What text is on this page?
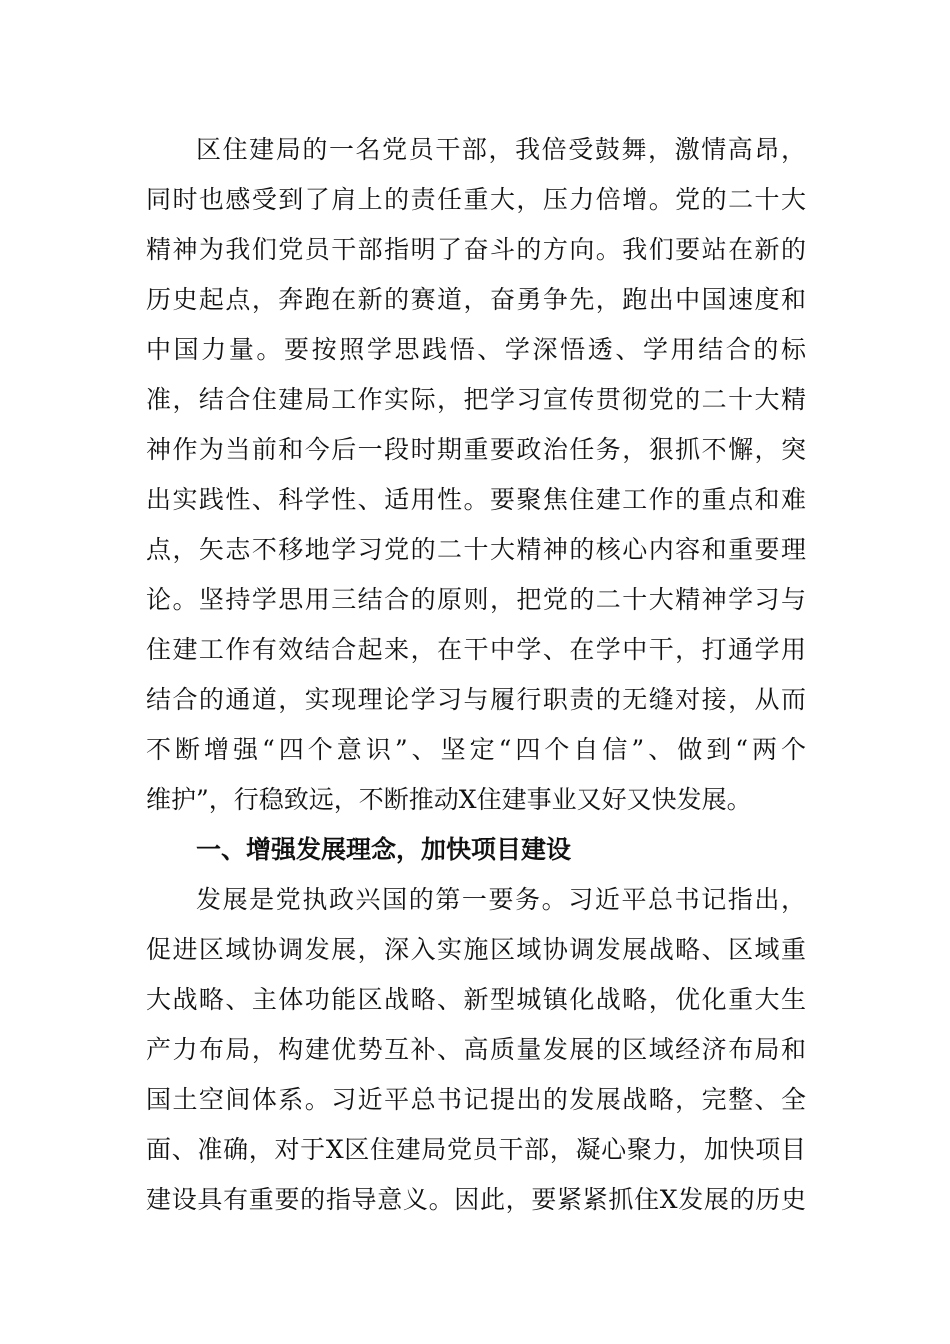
区住建局的一名党员干部，我倍受鼓舞，激情高昂，
同时也感受到了肩上的责任重大，压力倍增。党的二十大
精神为我们党员干部指明了奋斗的方向。我们要站在新的
历史起点，奔跑在新的赛道，奋勇争先，跑出中国速度和
中国力量。要按照学思践悟、学深悟透、学用结合的标
准，结合住建局工作实际，把学习宣传贯彻党的二十大精
神作为当前和今后一段时期重要政治任务，狠抓不懈，突
出实践性、科学性、适用性。要聚焦住建工作的重点和难
点，矢志不移地学习党的二十大精神的核心内容和重要理
论。坚持学思用三结合的原则，把党的二十大精神学习与
住建工作有效结合起来，在干中学、在学中干，打通学用
结合的通道，实现理论学习与履行职责的无缝对接，从而
不断增强“四个意识”、坚定“四个自信”、做到“两个
维护”，行稳致远，不断推动X住建事业又好又快发展。
一、增强发展理念，加快项目建设
发展是党执政兴国的第一要务。习近平总书记指出，
促进区域协调发展，深入实施区域协调发展战略、区域重
大战略、主体功能区战略、新型城镇化战略，优化重大生
产力布局，构建优势互补、高质量发展的区域经济布局和
国土空间体系。习近平总书记提出的发展战略，完整、全
面、准确，对于X区住建局党员干部，凝心聚力，加快项目
建设具有重要的指导意义。因此，要紧紧抓住X发展的历史
